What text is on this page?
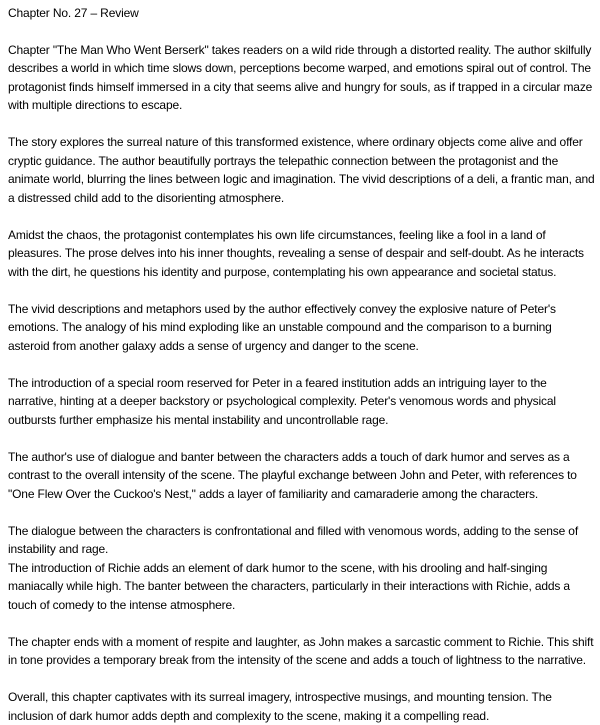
Chapter No. 27 – Review
Chapter "The Man Who Went Berserk" takes readers on a wild ride through a distorted reality. The author skilfully describes a world in which time slows down, perceptions become warped, and emotions spiral out of control. The protagonist finds himself immersed in a city that seems alive and hungry for souls, as if trapped in a circular maze with multiple directions to escape.
The story explores the surreal nature of this transformed existence, where ordinary objects come alive and offer cryptic guidance. The author beautifully portrays the telepathic connection between the protagonist and the animate world, blurring the lines between logic and imagination. The vivid descriptions of a deli, a frantic man, and a distressed child add to the disorienting atmosphere.
Amidst the chaos, the protagonist contemplates his own life circumstances, feeling like a fool in a land of pleasures. The prose delves into his inner thoughts, revealing a sense of despair and self-doubt. As he interacts with the dirt, he questions his identity and purpose, contemplating his own appearance and societal status.
The vivid descriptions and metaphors used by the author effectively convey the explosive nature of Peter's emotions. The analogy of his mind exploding like an unstable compound and the comparison to a burning asteroid from another galaxy adds a sense of urgency and danger to the scene.
The introduction of a special room reserved for Peter in a feared institution adds an intriguing layer to the narrative, hinting at a deeper backstory or psychological complexity. Peter's venomous words and physical outbursts further emphasize his mental instability and uncontrollable rage.
The author's use of dialogue and banter between the characters adds a touch of dark humor and serves as a contrast to the overall intensity of the scene. The playful exchange between John and Peter, with references to "One Flew Over the Cuckoo's Nest," adds a layer of familiarity and camaraderie among the characters.
The dialogue between the characters is confrontational and filled with venomous words, adding to the sense of instability and rage.
The introduction of Richie adds an element of dark humor to the scene, with his drooling and half-singing maniacally while high. The banter between the characters, particularly in their interactions with Richie, adds a touch of comedy to the intense atmosphere.
The chapter ends with a moment of respite and laughter, as John makes a sarcastic comment to Richie. This shift in tone provides a temporary break from the intensity of the scene and adds a touch of lightness to the narrative.
Overall, this chapter captivates with its surreal imagery, introspective musings, and mounting tension. The inclusion of dark humor adds depth and complexity to the scene, making it a compelling read.
